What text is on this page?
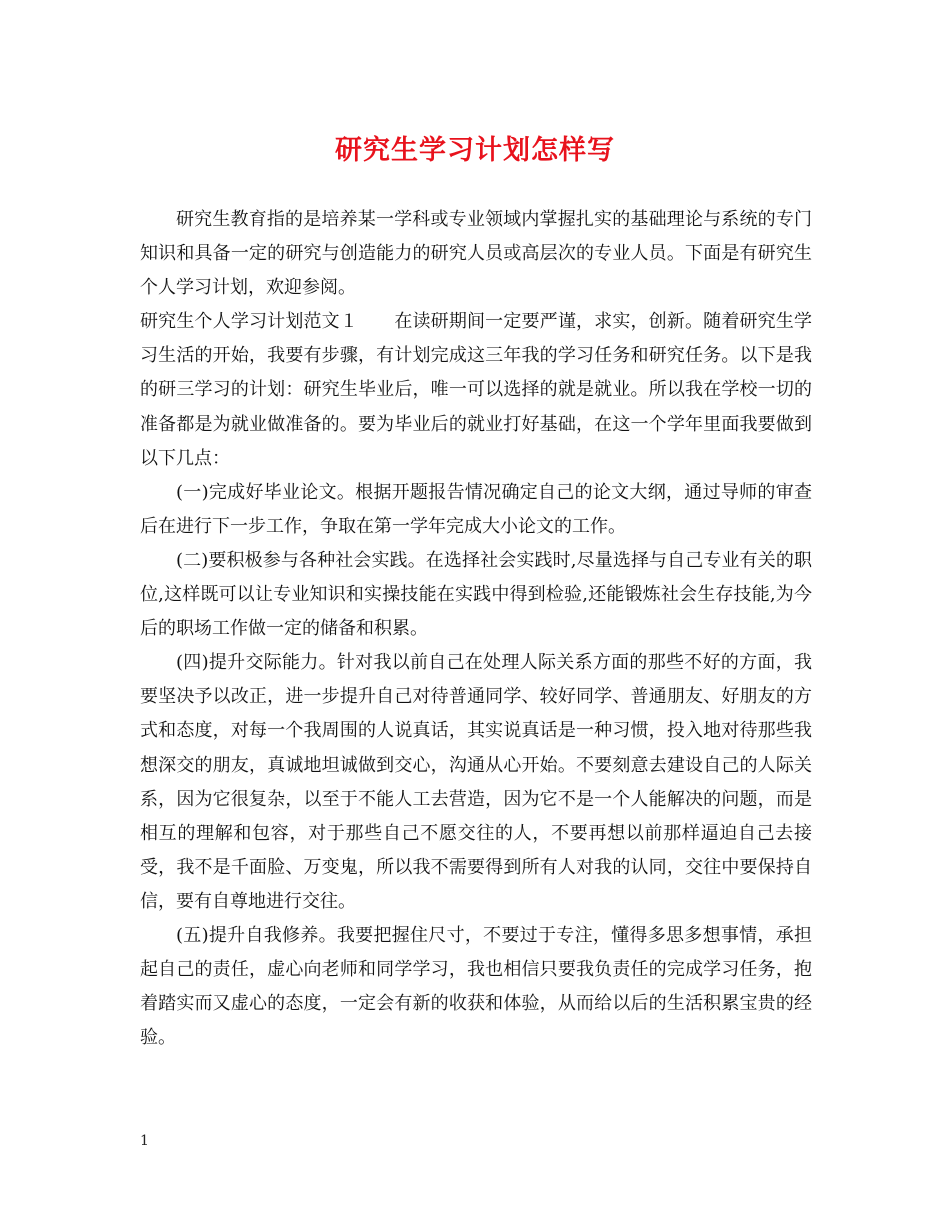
研究生学习计划怎样写

研究生教育指的是培养某一学科或专业领域内掌握扎实的基础理论与系统的专门知识和具备一定的研究与创造能力的研究人员或高层次的专业人员。下面是有研究生个人学习计划，欢迎参阅。

研究生个人学习计划范文１　　在读研期间一定要严谨，求实，创新。随着研究生学习生活的开始，我要有步骤，有计划完成这三年我的学习任务和研究任务。以下是我的研三学习的计划：研究生毕业后，唯一可以选择的就是就业。所以我在学校一切的准备都是为就业做准备的。要为毕业后的就业打好基础，在这一个学年里面我要做到以下几点：

(一)完成好毕业论文。根据开题报告情况确定自己的论文大纲，通过导师的审查后在进行下一步工作，争取在第一学年完成大小论文的工作。

(二)要积极参与各种社会实践。在选择社会实践时,尽量选择与自己专业有关的职位,这样既可以让专业知识和实操技能在实践中得到检验,还能锻炼社会生存技能,为今后的职场工作做一定的储备和积累。

(四)提升交际能力。针对我以前自己在处理人际关系方面的那些不好的方面，我要坚决予以改正，进一步提升自己对待普通同学、较好同学、普通朋友、好朋友的方式和态度，对每一个我周围的人说真话，其实说真话是一种习惯，投入地对待那些我想深交的朋友，真诚地坦诚做到交心，沟通从心开始。不要刻意去建设自己的人际关系，因为它很复杂，以至于不能人工去营造，因为它不是一个人能解决的问题，而是相互的理解和包容，对于那些自己不愿交往的人，不要再想以前那样逼迫自己去接受，我不是千面脸、万变鬼，所以我不需要得到所有人对我的认同，交往中要保持自信，要有自尊地进行交往。

(五)提升自我修养。我要把握住尺寸，不要过于专注，懂得多思多想事情，承担起自己的责任，虚心向老师和同学学习，我也相信只要我负责任的完成学习任务，抱着踏实而又虚心的态度，一定会有新的收获和体验，从而给以后的生活积累宝贵的经验。

1
